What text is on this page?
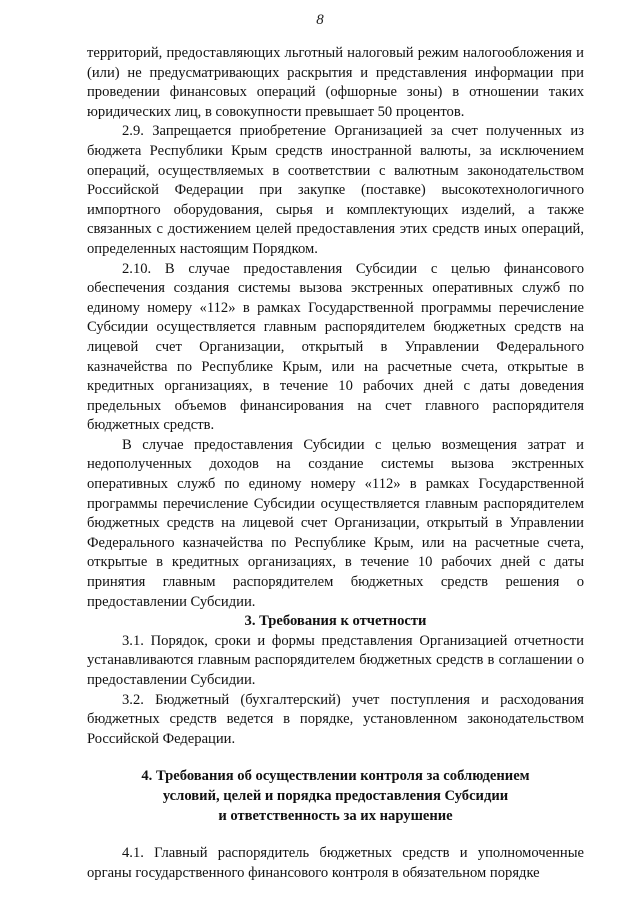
8

территорий, предоставляющих льготный налоговый режим налогообложения и (или) не предусматривающих раскрытия и представления информации при проведении финансовых операций (офшорные зоны) в отношении таких юридических лиц, в совокупности превышает 50 процентов.

2.9. Запрещается приобретение Организацией за счет полученных из бюджета Республики Крым средств иностранной валюты, за исключением операций, осуществляемых в соответствии с валютным законодательством Российской Федерации при закупке (поставке) высокотехнологичного импортного оборудования, сырья и комплектующих изделий, а также связанных с достижением целей предоставления этих средств иных операций, определенных настоящим Порядком.

2.10. В случае предоставления Субсидии с целью финансового обеспечения создания системы вызова экстренных оперативных служб по единому номеру «112» в рамках Государственной программы перечисление Субсидии осуществляется главным распорядителем бюджетных средств на лицевой счет Организации, открытый в Управлении Федерального казначейства по Республике Крым, или на расчетные счета, открытые в кредитных организациях, в течение 10 рабочих дней с даты доведения предельных объемов финансирования на счет главного распорядителя бюджетных средств.

В случае предоставления Субсидии с целью возмещения затрат и недополученных доходов на создание системы вызова экстренных оперативных служб по единому номеру «112» в рамках Государственной программы перечисление Субсидии осуществляется главным распорядителем бюджетных средств на лицевой счет Организации, открытый в Управлении Федерального казначейства по Республике Крым, или на расчетные счета, открытые в кредитных организациях, в течение 10 рабочих дней с даты принятия главным распорядителем бюджетных средств решения о предоставлении Субсидии.

3. Требования к отчетности

3.1. Порядок, сроки и формы представления Организацией отчетности устанавливаются главным распорядителем бюджетных средств в соглашении о предоставлении Субсидии.

3.2. Бюджетный (бухгалтерский) учет поступления и расходования бюджетных средств ведется в порядке, установленном законодательством Российской Федерации.

4. Требования об осуществлении контроля за соблюдением
условий, целей и порядка предоставления Субсидии
и ответственность за их нарушение

4.1. Главный распорядитель бюджетных средств и уполномоченные органы государственного финансового контроля в обязательном порядке
